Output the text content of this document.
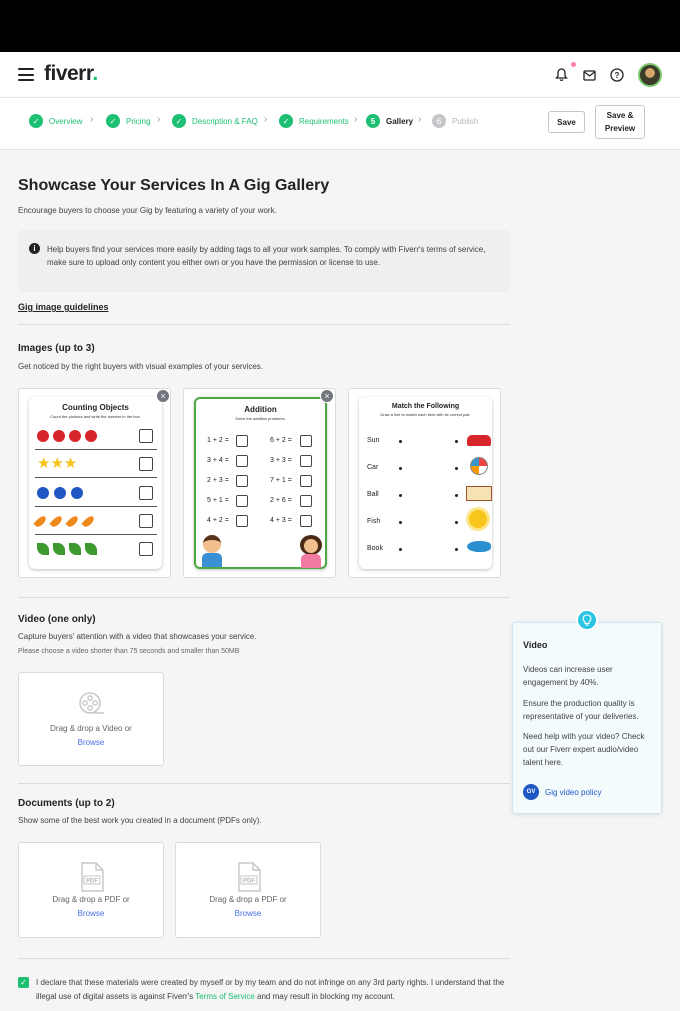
fiverr.	?
✓	Overview ›	✓	Pricing ›	✓	Description & FAQ ›	✓	Requirements ›	5	Gallery ›	6	Publish	Save
Save & Preview
Showcase Your Services In A Gig Gallery
Encourage buyers to choose your Gig by featuring a variety of your work.
i	Help buyers find your services more easily by adding tags to all your work samples. To comply with Fiverr's terms of service, make sure to upload only content you either own or you have the permission or license to use.
Gig image guidelines
Images (up to 3)
Get noticed by the right buyers with visual examples of your services.
Counting Objects
Count the pictures and write the number in the box.
★★★
×
Addition
Solve the addition problems.
1 + 2 =	6 + 2 =
3 + 4 =	3 + 3 =
2 + 3 =	7 + 1 =
5 + 1 =	2 + 6 =
4 + 2 =	4 + 3 =
×
Match the Following
Draw a line to match each item with its correct pair.
Sun
Car
Ball
Fish
Book
Video (one only)
Capture buyers' attention with a video that showcases your service.
Please choose a video shorter than 75 seconds and smaller than 50MB
Drag & drop a Video or
Browse
Documents (up to 2)
Show some of the best work you created in a document (PDFs only).
PDF
Drag & drop a PDF or
Browse
PDF
Drag & drop a PDF or
Browse
✓ I declare that these materials were created by myself or by my team and do not infringe on any 3rd party rights. I understand that the illegal use of digital assets is against Fiverr's Terms of Service and may result in blocking my account.
Video
Videos can increase user engagement by 40%.
Ensure the production quality is representative of your deliveries.
Need help with your video? Check out our Fiverr expert audio/video talent here.
GV	Gig video policy
